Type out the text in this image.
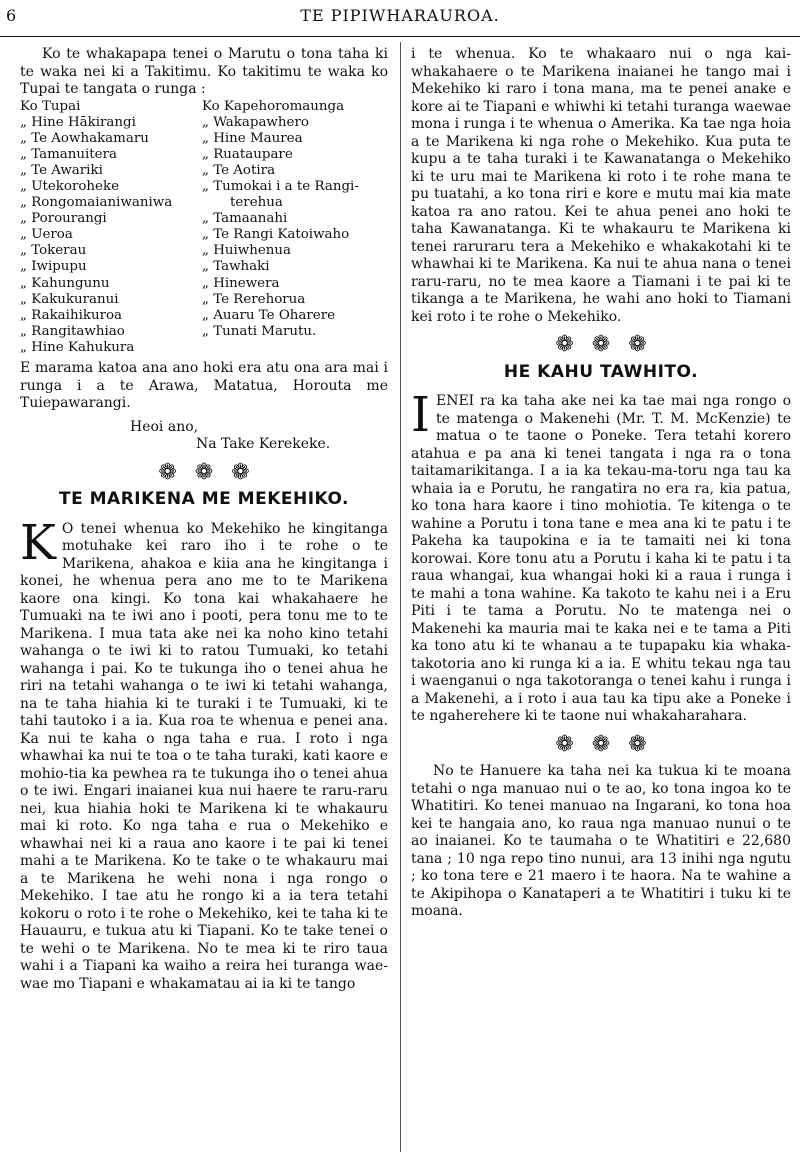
6	TE PIPIWHARAUROA.

Ko te whakapapa tenei o Marutu o tona taha ki te waka nei ki a Takitimu. Ko takitimu te waka ko Tupai te tangata o runga :

Ko Tupai
„ Hine Hākirangi
„ Te Aowhakamaru
„ Tamanuitera
„ Te Awariki
„ Utekoroheke
„ Rongomaianiwaniwa
„ Porourangi
„ Ueroa
„ Tokerau
„ Iwipupu
„ Kahungunu
„ Kakukuranui
„ Rakaihikuroa
„ Rangitawhiao
„ Hine Kahukura
Ko Kapehoromaunga
„ Wakapawhero
„ Hine Maurea
„ Ruataupare
„ Te Aotira
„ Tumokai i a te Rangi-
terehua
„ Tamaanahi
„ Te Rangi Katoiwaho
„ Huiwhenua
„ Tawhaki
„ Hinewera
„ Te Rerehorua
„ Auaru Te Oharere
„ Tunati Marutu.

E marama katoa ana ano hoki era atu ona ara mai i runga i a te Arawa, Matatua, Horouta me Tuiepawarangi.

Heoi ano,
Na Take Kerekeke.
❁ ❁ ❁
TE MARIKENA ME MEKEHIKO.

K O tenei whenua ko Mekehiko he kingitanga motuhake kei raro iho i te rohe o te Marikena, ahakoa e kiia ana he kingitanga i konei, he whenua pera ano me to te Marikena kaore ona kingi. Ko tona kai whakahaere he Tumuaki na te iwi ano i pooti, pera tonu me to te Marikena. I mua tata ake nei ka noho kino tetahi wahanga o te iwi ki to ratou Tumuaki, ko tetahi wahanga i pai. Ko te tukunga iho o tenei ahua he riri na tetahi wahanga o te iwi ki tetahi wahanga, na te taha hiahia ki te turaki i te Tumuaki, ki te tahi tautoko i a ia. Kua roa te whenua e penei ana. Ka nui te kaha o nga taha e rua. I roto i nga whawhai ka nui te toa o te taha turaki, kati kaore e mohio-tia ka pewhea ra te tukunga iho o tenei ahua o te iwi. Engari inaianei kua nui haere te raru-raru nei, kua hiahia hoki te Marikena ki te whakauru mai ki roto. Ko nga taha e rua o Mekehiko e whawhai nei ki a raua ano kaore i te pai ki tenei mahi a te Marikena. Ko te take o te whakauru mai a te Marikena he wehi nona i nga rongo o Mekehiko. I tae atu he rongo ki a ia tera tetahi kokoru o roto i te rohe o Mekehiko, kei te taha ki te Hauauru, e tukua atu ki Tiapani. Ko te take tenei o te wehi o te Marikena. No te mea ki te riro taua wahi i a Tiapani ka waiho a reira hei turanga wae-wae mo Tiapani e whakamatau ai ia ki te tango

i te whenua. Ko te whakaaro nui o nga kai-whakahaere o te Marikena inaianei he tango mai i Mekehiko ki raro i tona mana, ma te penei anake e kore ai te Tiapani e whiwhi ki tetahi turanga waewae mona i runga i te whenua o Amerika. Ka tae nga hoia a te Marikena ki nga rohe o Mekehiko. Kua puta te kupu a te taha turaki i te Kawanatanga o Mekehiko ki te uru mai te Marikena ki roto i te rohe mana te pu tuatahi, a ko tona riri e kore e mutu mai kia mate katoa ra ano ratou. Kei te ahua penei ano hoki te taha Kawanatanga. Ki te whakauru te Marikena ki tenei raruraru tera a Mekehiko e whakakotahi ki te whawhai ki te Marikena. Ka nui te ahua nana o tenei raru-raru, no te mea kaore a Tiamani i te pai ki te tikanga a te Marikena, he wahi ano hoki to Tiamani kei roto i te rohe o Mekehiko.

❁ ❁ ❁
HE KAHU TAWHITO.

IENEI ra ka taha ake nei ka tae mai nga rongo o te matenga o Makenehi (Mr. T. M. McKenzie) te matua o te taone o Poneke. Tera tetahi korero atahua e pa ana ki tenei tangata i nga ra o tona taitamarikitanga. I a ia ka tekau-ma-toru nga tau ka whaia ia e Porutu, he rangatira no era ra, kia patua, ko tona hara kaore i tino mohiotia. Te kitenga o te wahine a Porutu i tona tane e mea ana ki te patu i te Pakeha ka taupokina e ia te tamaiti nei ki tona korowai. Kore tonu atu a Porutu i kaha ki te patu i ta raua whangai, kua whangai hoki ki a raua i runga i te mahi a tona wahine. Ka takoto te kahu nei i a Eru Piti i te tama a Porutu. No te matenga nei o Makenehi ka mauria mai te kaka nei e te tama a Piti ka tono atu ki te whanau a te tupapaku kia whaka-takotoria ano ki runga ki a ia. E whitu tekau nga tau i waenganui o nga takotoranga o tenei kahu i runga i a Makenehi, a i roto i aua tau ka tipu ake a Poneke i te ngaherehere ki te taone nui whakaharahara.

❁ ❁ ❁

No te Hanuere ka taha nei ka tukua ki te moana tetahi o nga manuao nui o te ao, ko tona ingoa ko te Whatitiri. Ko tenei manuao na Ingarani, ko tona hoa kei te hangaia ano, ko raua nga manuao nunui o te ao inaianei. Ko te taumaha o te Whatitiri e 22,680 tana ; 10 nga repo tino nunui, ara 13 inihi nga ngutu ; ko tona tere e 21 maero i te haora. Na te wahine a te Akipihopa o Kanataperi a te Whatitiri i tuku ki te moana.
